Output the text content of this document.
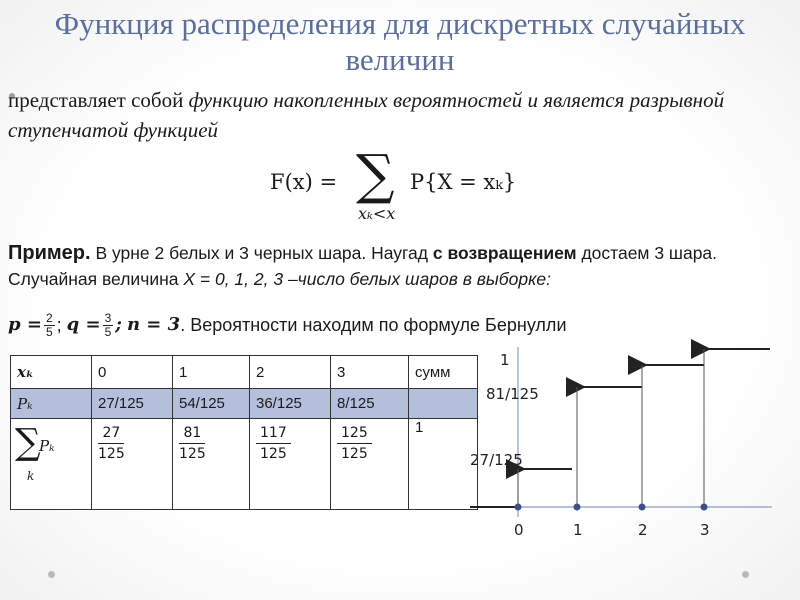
Функция распределения для дискретных случайных величин
представляет собой функцию накопленных вероятностей и является разрывной ступенчатой функцией
F(x) = ∑
xₖ<x
P{X = xₖ}
Пример. В урне 2 белых и 3 черных шара. Наугад с возвращением достаем 3 шара. Случайная величина X = 0, 1, 2, 3 –число белых шаров в выборке:
$p = \frac{2}{5}$ ;
$q = \frac{3}{5}$ ;
n = 3 . Вероятности находим по формуле Бернулли
xₖ	0	1	2	3	сумм
Pₖ	27/125	54/125	36/125	8/125	

∑
Pₖ
k	$\frac{27}{125}$	$\frac{81}{125}$	$\frac{117}{125}$	$\frac{125}{125}$	1
1
81/125
27/125
0	1	2	3
